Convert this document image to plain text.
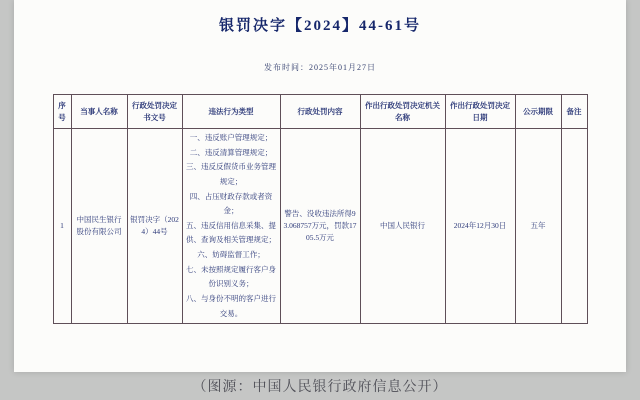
银罚决字【2024】44-61号
发布时间：2025年01月27日
序号	当事人名称	行政处罚决定书文号	违法行为类型	行政处罚内容	作出行政处罚决定机关名称	作出行政处罚决定日期	公示期限	备注
1	中国民生银行股份有限公司	银罚决字（2024）44号	
一、违反账户管理规定；
二、违反清算管理规定；
三、违反反假货币业务管理规定；
四、占压财政存款或者资金；
五、违反信用信息采集、提供、查询及相关管理规定；
六、妨碍监督工作；
七、未按照规定履行客户身份识别义务；
八、与身份不明的客户进行交易。
	警告、没收违法所得93.068757万元，罚款1705.5万元	中国人民银行	2024年12月30日	五年	
（图源：中国人民银行政府信息公开）
